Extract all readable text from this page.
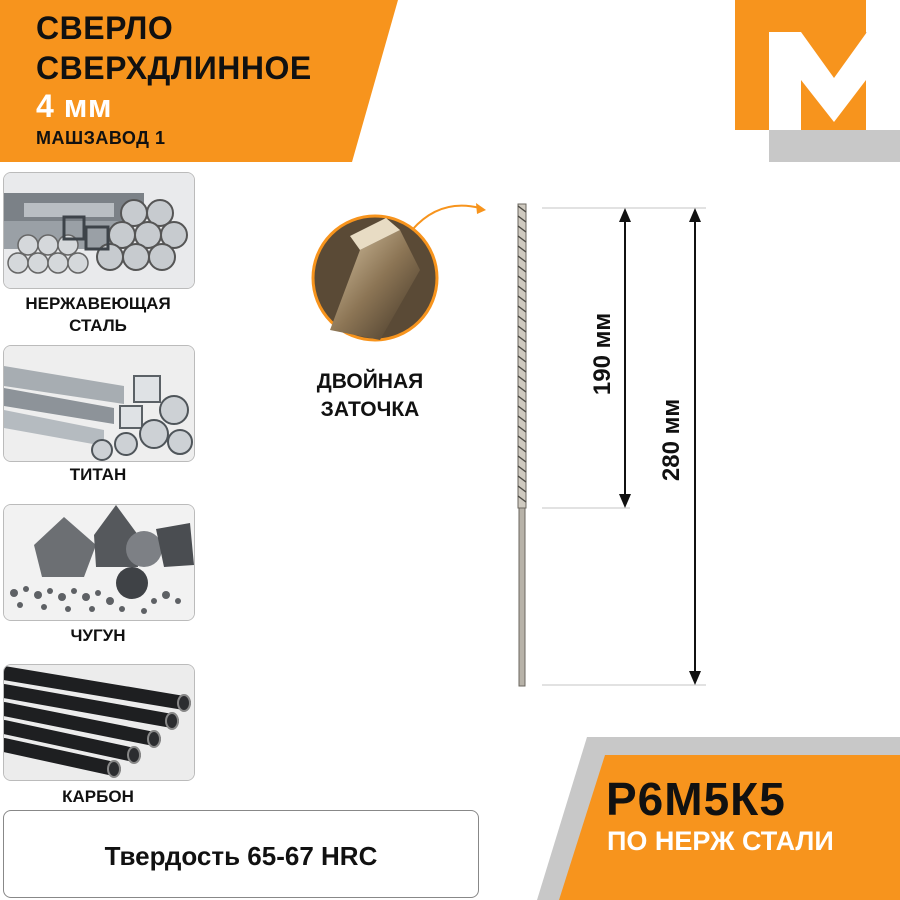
СВЕРЛО
СВЕРХДЛИННОЕ
4 мм
МАШЗАВОД 1
НЕРЖАВЕЮЩАЯ СТАЛЬ
ТИТАН
ЧУГУН
КАРБОН
ДВОЙНАЯ
ЗАТОЧКА
190 мм
280 мм
Твердость 65-67 HRC
Р6М5К5
ПО НЕРЖ СТАЛИ
